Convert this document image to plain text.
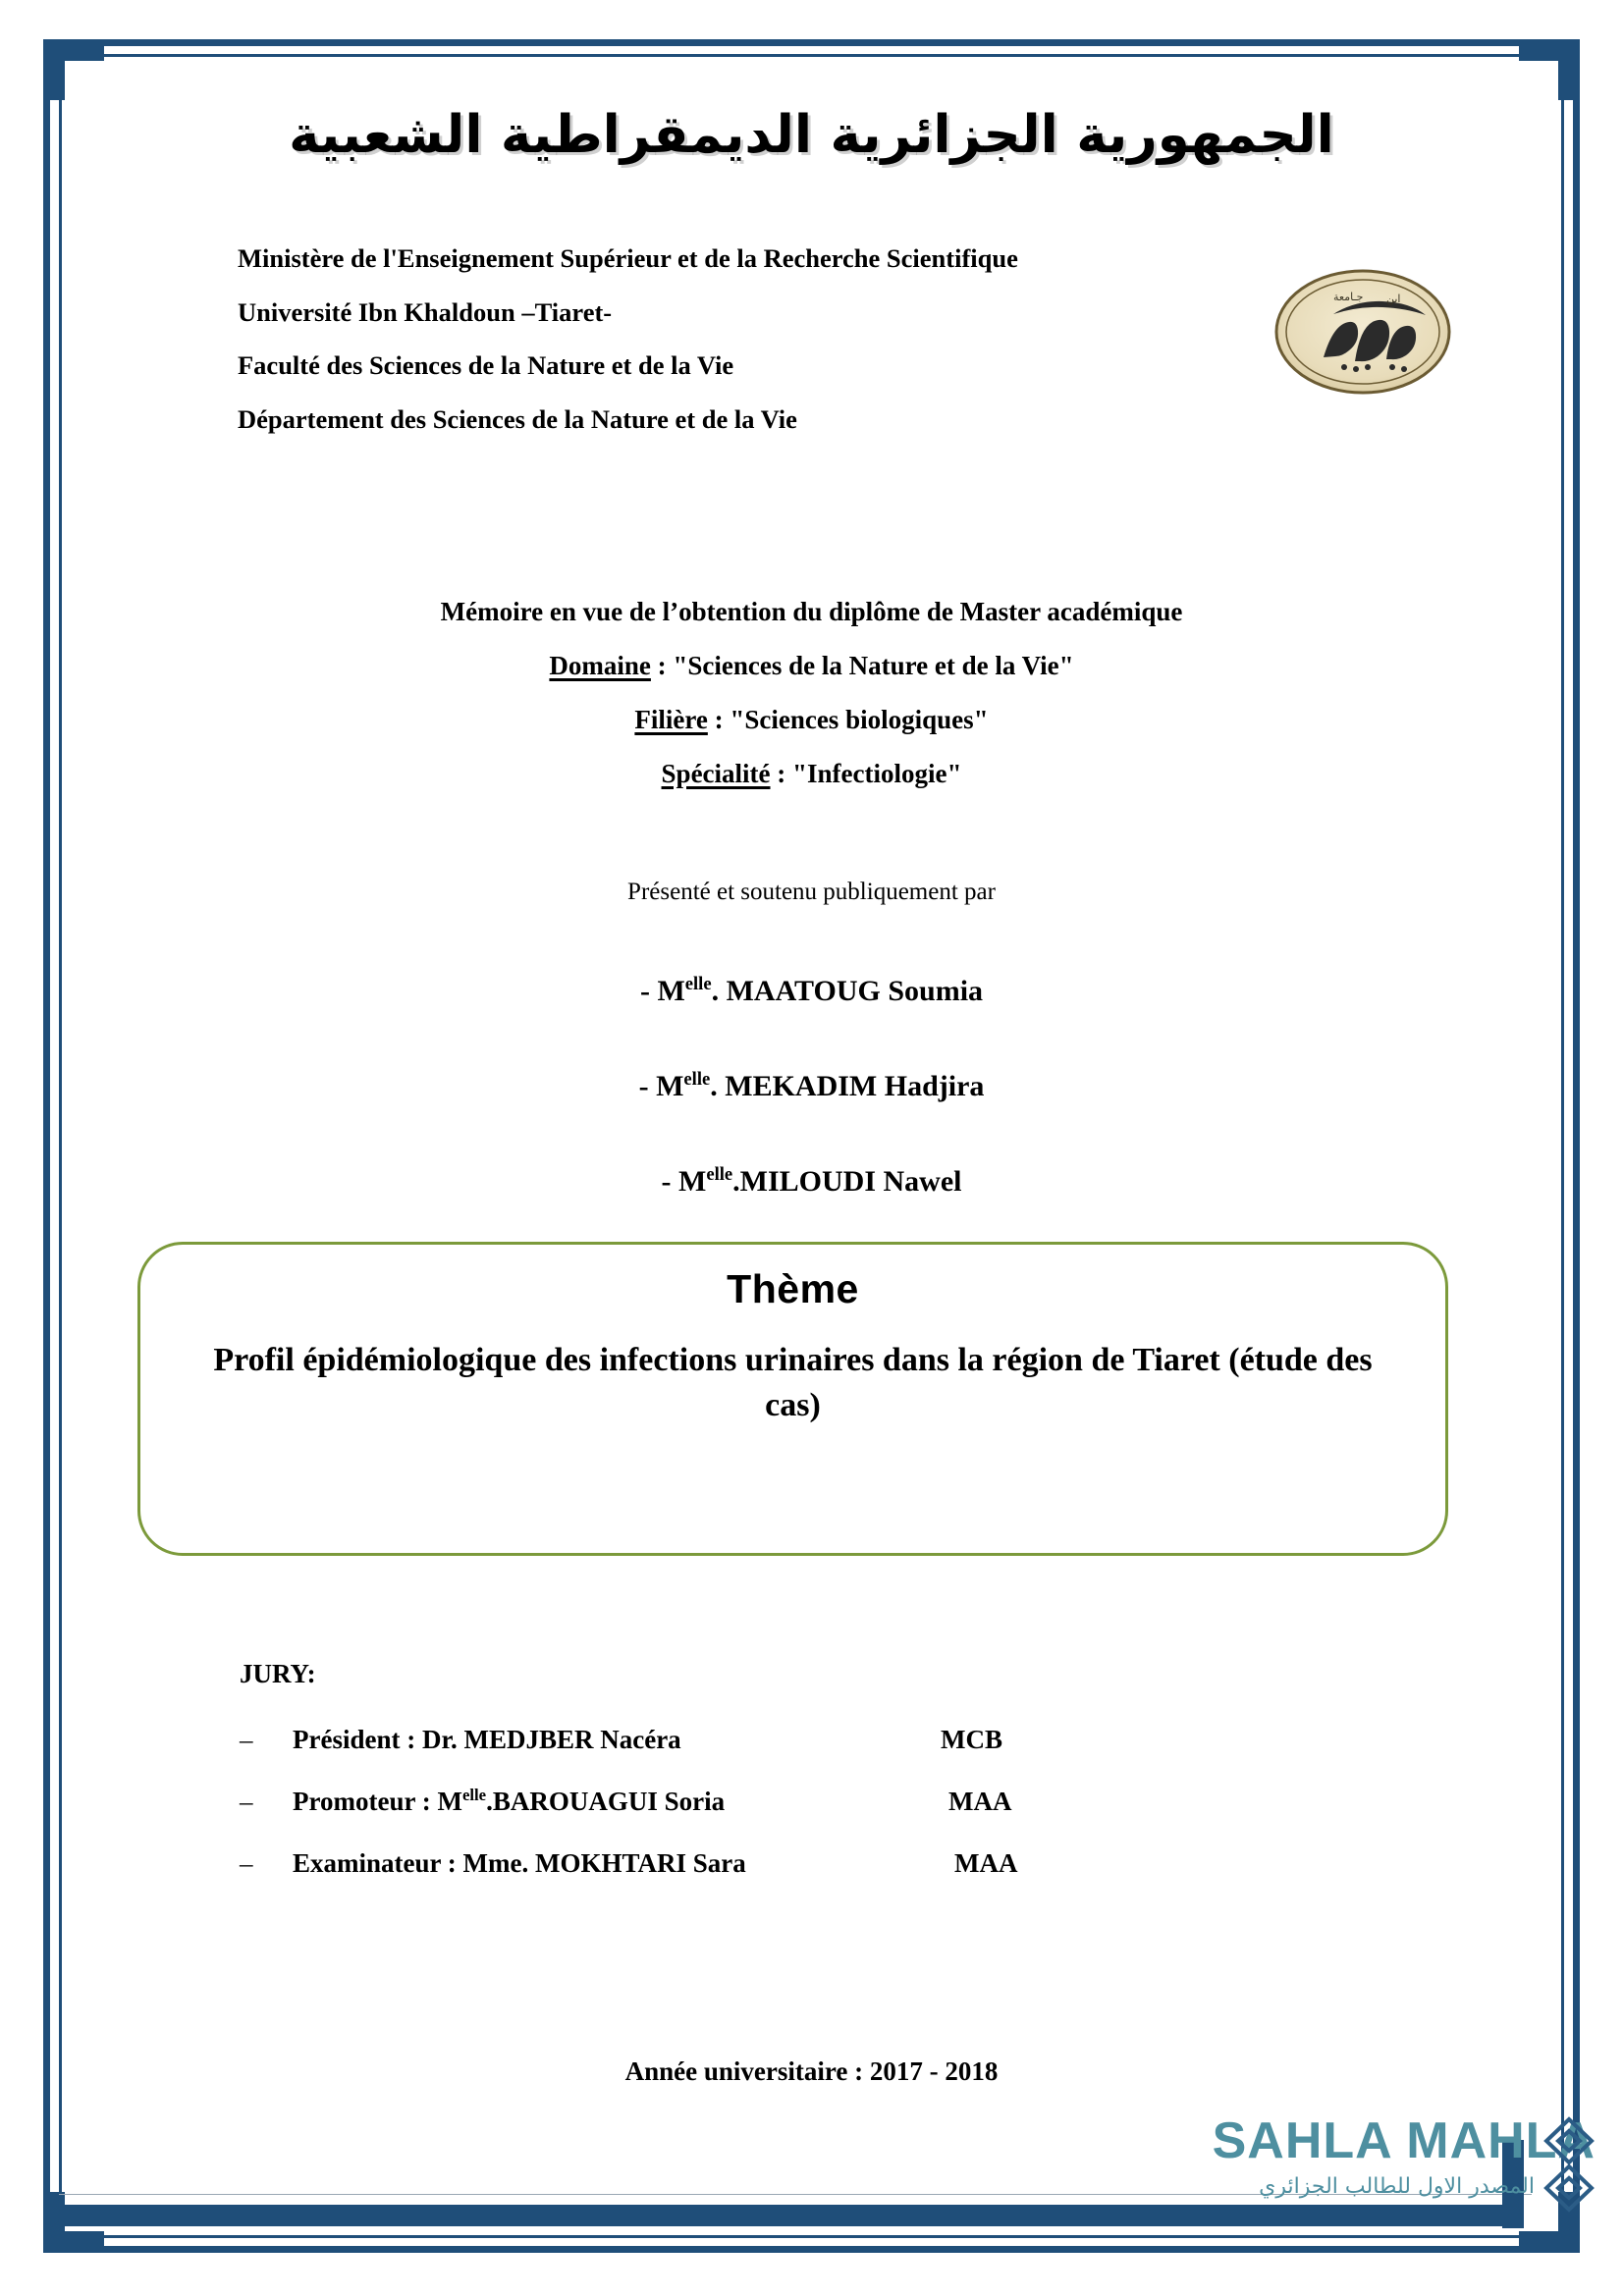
الجمهورية الجزائرية الديمقراطية الشعبية
Ministère de l'Enseignement Supérieur et de la Recherche Scientifique
Université Ibn Khaldoun –Tiaret-
Faculté des Sciences de la Nature et de la Vie
Département des Sciences de la Nature et de la Vie
جـامعة ابن
Mémoire en vue de l’obtention du diplôme de Master académique
Domaine : "Sciences de la Nature et de la Vie"
Filière : "Sciences biologiques"
Spécialité : "Infectiologie"
Présenté et soutenu publiquement par
- $M^{elle}$. MAATOUG Soumia
- $M^{elle}$. MEKADIM Hadjira
- $M^{elle}.MILOUDI$ Nawel
Thème
Profil épidémiologique des infections urinaires dans la région de Tiaret (étude des cas)
JURY:
–	Président : Dr. MEDJBER Nacéra	MCB
–	Promoteur : $M^{elle}.BAROUAGUI$ Soria	MAA
–	Examinateur : Mme. MOKHTARI Sara	MAA
Année universitaire : 2017 - 2018
SAHLA MAHLA
المصدر الاول للطالب الجزائري
